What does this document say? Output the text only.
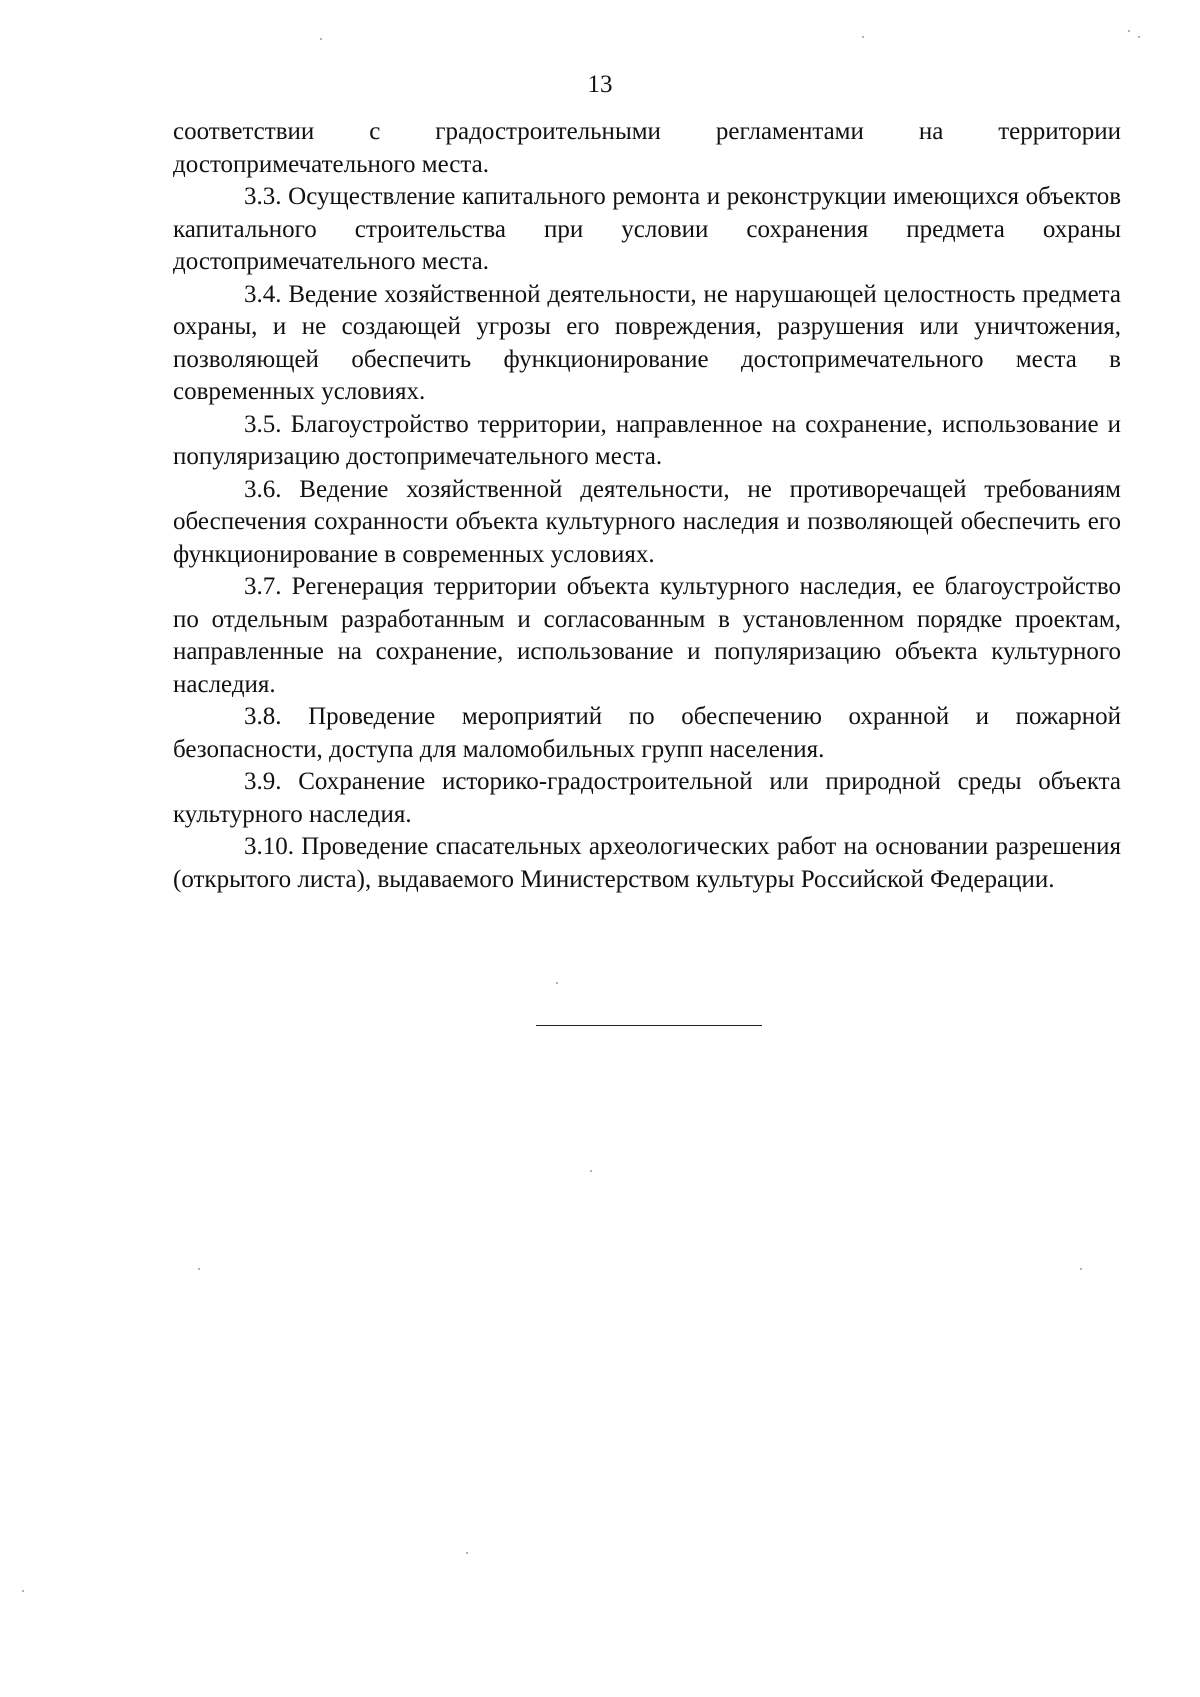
13

соответствии с градостроительными регламентами на территории достопримечательного места.

3.3. Осуществление капитального ремонта и реконструкции имеющихся объектов капитального строительства при условии сохранения предмета охраны достопримечательного места.

3.4. Ведение хозяйственной деятельности, не нарушающей целостность предмета охраны, и не создающей угрозы его повреждения, разрушения или уничтожения, позволяющей обеспечить функционирование достопримечательного места в современных условиях.

3.5. Благоустройство территории, направленное на сохранение, использование и популяризацию достопримечательного места.

3.6. Ведение хозяйственной деятельности, не противоречащей требованиям обеспечения сохранности объекта культурного наследия и позволяющей обеспечить его функционирование в современных условиях.

3.7. Регенерация территории объекта культурного наследия, ее благоустройство по отдельным разработанным и согласованным в установленном порядке проектам, направленные на сохранение, использование и популяризацию объекта культурного наследия.

3.8. Проведение мероприятий по обеспечению охранной и пожарной безопасности, доступа для маломобильных групп населения.

3.9. Сохранение историко-градостроительной или природной среды объекта культурного наследия.

3.10. Проведение спасательных археологических работ на основании разрешения (открытого листа), выдаваемого Министерством культуры Российской Федерации.
